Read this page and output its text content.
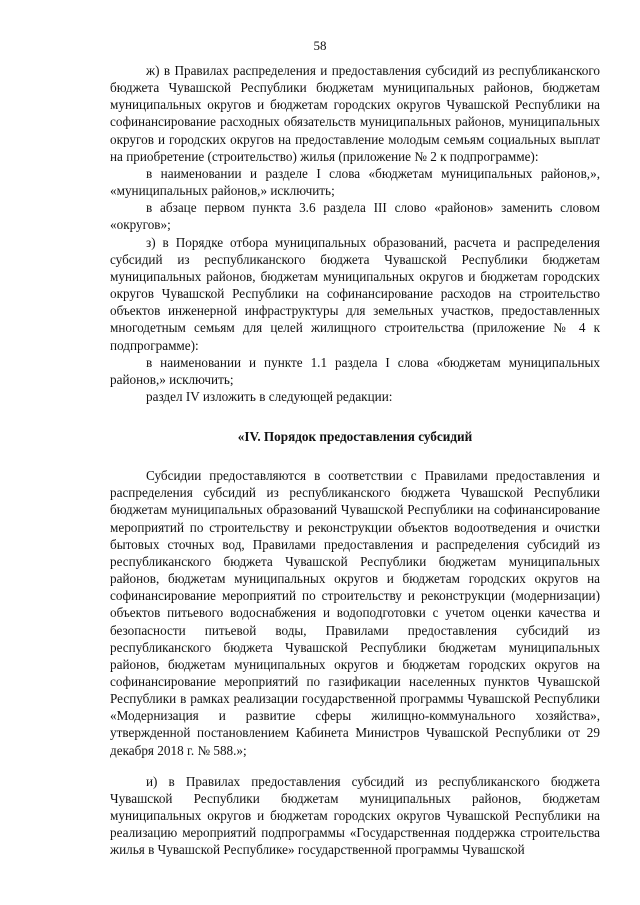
58

ж) в Правилах распределения и предоставления субсидий из республиканского бюджета Чувашской Республики бюджетам муниципальных районов, бюджетам муниципальных округов и бюджетам городских округов Чувашской Республики на софинансирование расходных обязательств муниципальных районов, муниципальных округов и городских округов на предоставление молодым семьям социальных выплат на приобретение (строительство) жилья (приложение № 2 к подпрограмме):

в наименовании и разделе I слова «бюджетам муниципальных районов,», «муниципальных районов,» исключить;

в абзаце первом пункта 3.6 раздела III слово «районов» заменить словом «округов»;

з) в Порядке отбора муниципальных образований, расчета и распределения субсидий из республиканского бюджета Чувашской Республики бюджетам муниципальных районов, бюджетам муниципальных округов и бюджетам городских округов Чувашской Республики на софинансирование расходов на строительство объектов инженерной инфраструктуры для земельных участков, предоставленных многодетным семьям для целей жилищного строительства (приложение № 4 к подпрограмме):

в наименовании и пункте 1.1 раздела I слова «бюджетам муниципальных районов,» исключить;

раздел IV изложить в следующей редакции:

«IV. Порядок предоставления субсидий

Субсидии предоставляются в соответствии с Правилами предоставления и распределения субсидий из республиканского бюджета Чувашской Республики бюджетам муниципальных образований Чувашской Республики на софинансирование мероприятий по строительству и реконструкции объектов водоотведения и очистки бытовых сточных вод, Правилами предоставления и распределения субсидий из республиканского бюджета Чувашской Республики бюджетам муниципальных районов, бюджетам муниципальных округов и бюджетам городских округов на софинансирование мероприятий по строительству и реконструкции (модернизации) объектов питьевого водоснабжения и водоподготовки с учетом оценки качества и безопасности питьевой воды, Правилами предоставления субсидий из республиканского бюджета Чувашской Республики бюджетам муниципальных районов, бюджетам муниципальных округов и бюджетам городских округов на софинансирование мероприятий по газификации населенных пунктов Чувашской Республики в рамках реализации государственной программы Чувашской Республики «Модернизация и развитие сферы жилищно-коммунального хозяйства», утвержденной постановлением Кабинета Министров Чувашской Республики от 29 декабря 2018 г. № 588.»;

и) в Правилах предоставления субсидий из республиканского бюджета Чувашской Республики бюджетам муниципальных районов, бюджетам муниципальных округов и бюджетам городских округов Чувашской Республики на реализацию мероприятий подпрограммы «Государственная поддержка строительства жилья в Чувашской Республике» государственной программы Чувашской
